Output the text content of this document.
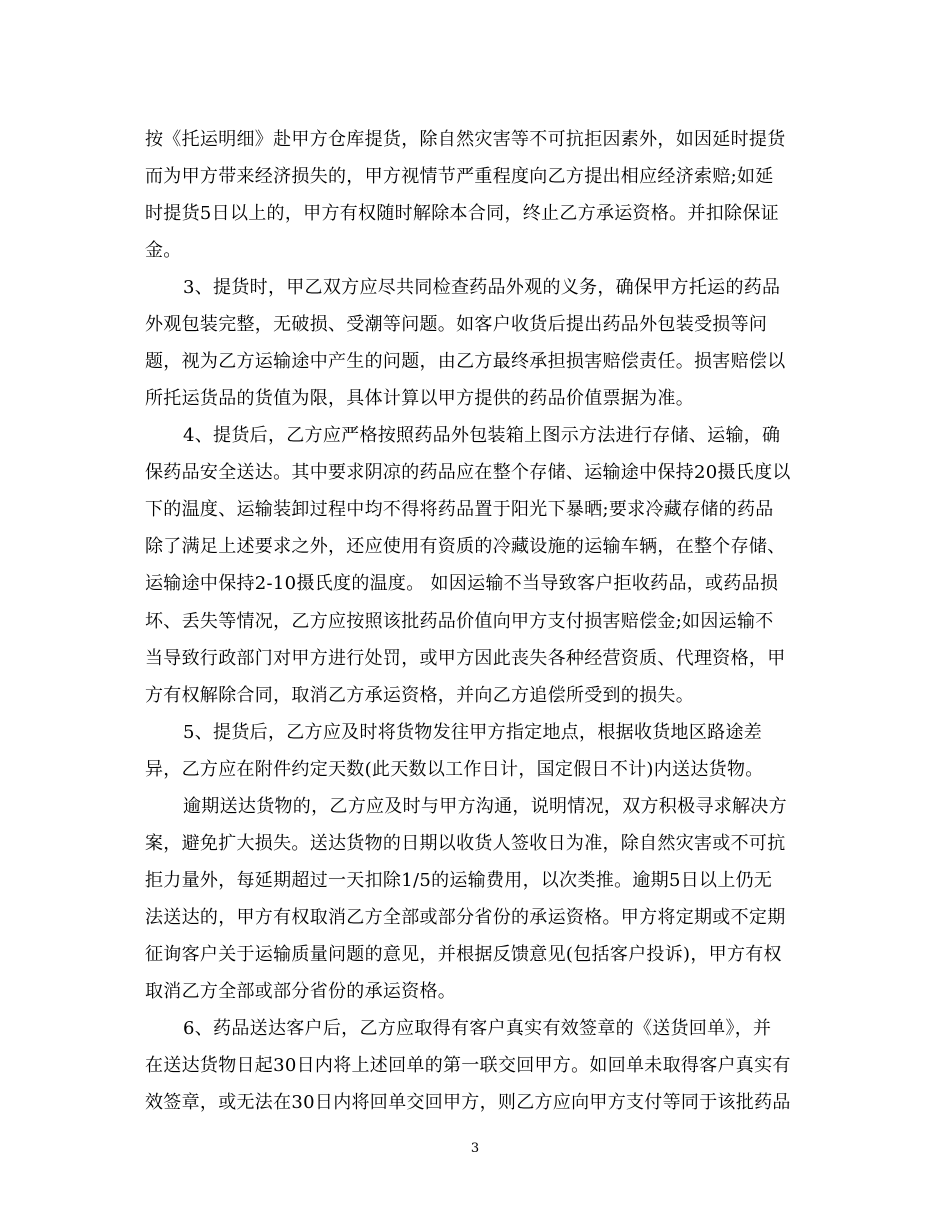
按《托运明细》赴甲方仓库提货，除自然灾害等不可抗拒因素外，如因延时提货
而为甲方带来经济损失的，甲方视情节严重程度向乙方提出相应经济索赔;如延
时提货5日以上的，甲方有权随时解除本合同，终止乙方承运资格。并扣除保证
金。
3、提货时，甲乙双方应尽共同检查药品外观的义务，确保甲方托运的药品
外观包装完整，无破损、受潮等问题。如客户收货后提出药品外包装受损等问
题，视为乙方运输途中产生的问题，由乙方最终承担损害赔偿责任。损害赔偿以
所托运货品的货值为限，具体计算以甲方提供的药品价值票据为准。
4、提货后，乙方应严格按照药品外包装箱上图示方法进行存储、运输，确
保药品安全送达。其中要求阴凉的药品应在整个存储、运输途中保持20摄氏度以
下的温度、运输装卸过程中均不得将药品置于阳光下暴晒;要求冷藏存储的药品
除了满足上述要求之外，还应使用有资质的冷藏设施的运输车辆，在整个存储、
运输途中保持2-10摄氏度的温度。 如因运输不当导致客户拒收药品，或药品损
坏、丢失等情况，乙方应按照该批药品价值向甲方支付损害赔偿金;如因运输不
当导致行政部门对甲方进行处罚，或甲方因此丧失各种经营资质、代理资格，甲
方有权解除合同，取消乙方承运资格，并向乙方追偿所受到的损失。
5、提货后，乙方应及时将货物发往甲方指定地点，根据收货地区路途差
异，乙方应在附件约定天数(此天数以工作日计，国定假日不计)内送达货物。
逾期送达货物的，乙方应及时与甲方沟通，说明情况，双方积极寻求解决方
案，避免扩大损失。送达货物的日期以收货人签收日为准，除自然灾害或不可抗
拒力量外，每延期超过一天扣除1/5的运输费用，以次类推。逾期5日以上仍无
法送达的，甲方有权取消乙方全部或部分省份的承运资格。甲方将定期或不定期
征询客户关于运输质量问题的意见，并根据反馈意见(包括客户投诉)，甲方有权
取消乙方全部或部分省份的承运资格。
6、药品送达客户后，乙方应取得有客户真实有效签章的《送货回单》，并
在送达货物日起30日内将上述回单的第一联交回甲方。如回单未取得客户真实有
效签章，或无法在30日内将回单交回甲方，则乙方应向甲方支付等同于该批药品
3
